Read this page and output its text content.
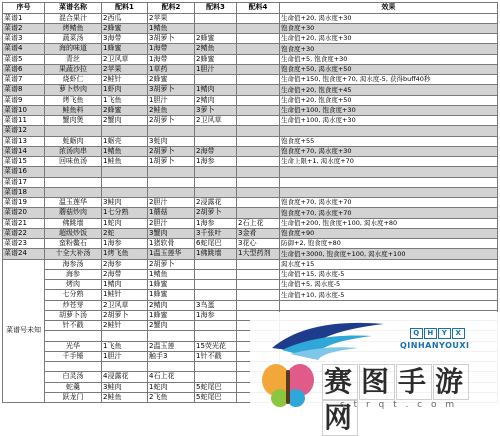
序号	菜谱名称	配料1	配料2	配料3	配料4	效果
菜谱1	混合果汁	2西瓜	2苹果			生命值+20, 渴水度+30
菜谱2	烤鲭鱼	2蜂蜜	1鲭鱼			饱食度+30
菜谱3	蔬菜汤	3海带	3胡萝卜	2蜂蜜		生命值+20, 渴水度+30
菜谱4	海的味道	1蜂蜜	1海带	2鲭鱼		饱食度+30
菜谱5	青丝	2卫风草	1海带	2蜂蜜		生命值+5, 饱食度+30
菜谱6	果蔬沙拉	2苹果	1草药	1胆汁		饱食度+50, 渴水度+50
菜谱7	烧虾仁	2鲑针	2蜂蜜			生命值+150, 饱食度+70, 渴水度-5, 获得buff40秒
菜谱8	萝卜炒肉	1虾肉	3胡萝卜	1鲭肉		生命值+20, 饱食度+45
菜谱9	烤飞鱼	1飞鱼	1胆汁	2鲭肉		生命值+20, 饱食度+50
菜谱10	鲑鱼料	2蜂蜜	2鲑鱼	3萝卜		生命值+100, 饱食度+30
菜谱11	蟹肉煲	2蟹肉	2胡萝卜	2卫风草		生命值+100, 渴水度+30
菜谱12						
菜谱13	蚝蛎肉	1蛎壳	3蚝肉			饱食度+55
菜谱14	浓汤肉串	1鲭鱼	2胡萝卜	2海带		饱食度+70, 渴水度+30
菜谱15	回味鱼汤	1鲑鱼	1胡萝卜	1海参		生命上限+1, 渴水度+70
菜谱16						
菜谱17						
菜谱18						
菜谱19	温玉莲华	3鲑肉	2胆汁	2浸露花		饱食度+70, 渴水度+70
菜谱20	蘑菇炒肉	1七分熟	1蘑菇	2胡萝卜		饱食度+70, 渴水度+70
菜谱21	佛跳墙	1蛇肉	2胆汁	1海参	2石上花	生命值+200, 饱食度+100, 渴水度+80
菜谱22	超级炒饭	2蛇	3蟹肉	3千张叶	3金肴	饱食度+90
菜谱23	蛮粉鳖石	1海参	1猪软骨	6蛇尾巴	3花心	防御+2, 饱食度+80
菜谱24	十全大补汤	1烤飞鱼	1温玉莲华	1佛跳墙	1大型药剂	生命值+3000, 饱食度+100, 渴水度+100
菜谱号未知	海参汤	2海参	2胡萝卜			渴水度+15
	海参	2海带	1鲭鱼			生命值+15, 渴水度-5
	烤肉	1鲭肉	1蜂蜜			生命值+5, 渴水度-5
	七分熟	1鲑针	1蜂蜜			生命值+10, 渴水度-5
	炒苍芽	2卫风草	2鲭肉	3鸟蛋		
	胡萝卜汤	2胡萝卜	1蜂蜜	1海参		
	针不戳	2鲑针	2蟹肉			

	光华	1飞鱼	2温玉莲	15荧光花		
	千手锤	1胆汁	触手3	1针不戳		

	白灵汤	4浸露花	4石上花			
	蛇羹	3鲑肉	1蛇肉	5蛇尾巴		
	跃龙门	2鲑鱼	2飞鱼	5蛇尾巴		
Q	H	Y	X
QINHANYOUXI
赛 图 手 游网
s t r q t . c o m
